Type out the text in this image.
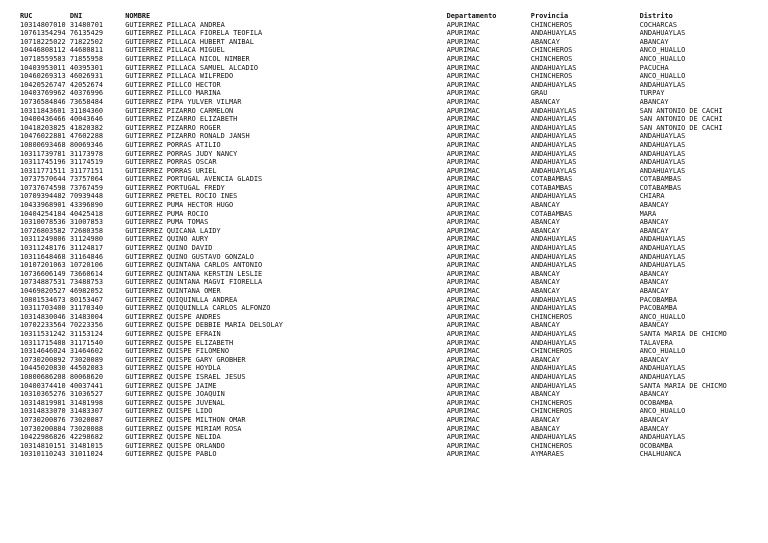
RUC	DNI	NOMBRE	Departamento	Provincia	Distrito
10314807010	31480701	GUTIERREZ PILLACA ANDREA	APURIMAC	CHINCHEROS	COCHARCAS
10761354294	76135429	GUTIERREZ PILLACA FIORELA TEOFILA	APURIMAC	ANDAHUAYLAS	ANDAHUAYLAS
10718225022	71822502	GUTIERREZ PILLACA HUBERT ANIBAL	APURIMAC	ABANCAY	ABANCAY
10446808112	44680811	GUTIERREZ PILLACA MIGUEL	APURIMAC	CHINCHEROS	ANCO_HUALLO
10718559583	71855958	GUTIERREZ PILLACA NICOL NIMBER	APURIMAC	CHINCHEROS	ANCO_HUALLO
10403953011	40395301	GUTIERREZ PILLACA SAMUEL ALCADIO	APURIMAC	ANDAHUAYLAS	PACUCHA
10460269313	46026931	GUTIERREZ PILLACA WILFREDO	APURIMAC	CHINCHEROS	ANCO_HUALLO
10420526747	42052674	GUTIERREZ PILLCO HECTOR	APURIMAC	ANDAHUAYLAS	ANDAHUAYLAS
10403769962	40376996	GUTIERREZ PILLCO MARINA	APURIMAC	GRAU	TURPAY
10736584846	73658484	GUTIERREZ PIPA YULVER VILMAR	APURIMAC	ABANCAY	ABANCAY
10311843601	31184360	GUTIERREZ PIZARRO CARMELON	APURIMAC	ANDAHUAYLAS	SAN ANTONIO DE CACHI
10400436466	40043646	GUTIERREZ PIZARRO ELIZABETH	APURIMAC	ANDAHUAYLAS	SAN ANTONIO DE CACHI
10418203825	41820382	GUTIERREZ PIZARRO ROGER	APURIMAC	ANDAHUAYLAS	SAN ANTONIO DE CACHI
10476022881	47602288	GUTIERREZ PIZARRO RONALD JANSH	APURIMAC	ANDAHUAYLAS	ANDAHUAYLAS
10800693468	80069346	GUTIERREZ PORRAS ATILIO	APURIMAC	ANDAHUAYLAS	ANDAHUAYLAS
10311739781	31173978	GUTIERREZ PORRAS JUDY NANCY	APURIMAC	ANDAHUAYLAS	ANDAHUAYLAS
10311745196	31174519	GUTIERREZ PORRAS OSCAR	APURIMAC	ANDAHUAYLAS	ANDAHUAYLAS
10311771511	31177151	GUTIERREZ PORRAS URIEL	APURIMAC	ANDAHUAYLAS	ANDAHUAYLAS
10737570644	73757064	GUTIERREZ PORTUGAL AVENCIA GLADIS	APURIMAC	COTABAMBAS	COTABAMBAS
10737674598	73767459	GUTIERREZ PORTUGAL FREDY	APURIMAC	COTABAMBAS	COTABAMBAS
10709394482	70939448	GUTIERREZ PRETEL ROCIO INES	APURIMAC	ANDAHUAYLAS	CHIARA
10433968901	43396890	GUTIERREZ PUMA HECTOR HUGO	APURIMAC	ABANCAY	ABANCAY
10404254184	40425418	GUTIERREZ PUMA ROCIO	APURIMAC	COTABAMBAS	MARA
10310078536	31007853	GUTIERREZ PUMA TOMAS	APURIMAC	ABANCAY	ABANCAY
10726803582	72680358	GUTIERREZ QUICAÑA LAIDY	APURIMAC	ABANCAY	ABANCAY
10311249806	31124980	GUTIERREZ QUINO AURY	APURIMAC	ANDAHUAYLAS	ANDAHUAYLAS
10311248176	31124817	GUTIERREZ QUINO DAVID	APURIMAC	ANDAHUAYLAS	ANDAHUAYLAS
10311648468	31164846	GUTIERREZ QUINO GUSTAVO GONZALO	APURIMAC	ANDAHUAYLAS	ANDAHUAYLAS
10107201063	10720106	GUTIERREZ QUINTANA CARLOS ANTONIO	APURIMAC	ANDAHUAYLAS	ANDAHUAYLAS
10736606149	73660614	GUTIERREZ QUINTANA KERSTIN LESLIE	APURIMAC	ABANCAY	ABANCAY
10734887531	73488753	GUTIERREZ QUINTANA MAGVI FIORELLA	APURIMAC	ABANCAY	ABANCAY
10469820527	46982052	GUTIERREZ QUINTANA OMER	APURIMAC	ABANCAY	ABANCAY
10801534673	80153467	GUTIERREZ QUIQUINLLA ANDREA	APURIMAC	ANDAHUAYLAS	PACOBAMBA
10311703400	31170340	GUTIERREZ QUIQUINLLA CARLOS ALFONZO	APURIMAC	ANDAHUAYLAS	PACOBAMBA
10314830046	31483004	GUTIERREZ QUISPE ANDRES	APURIMAC	CHINCHEROS	ANCO_HUALLO
10702233564	70223356	GUTIERREZ QUISPE DEBBIE MARIA DELSOLAY	APURIMAC	ABANCAY	ABANCAY
10311531242	31153124	GUTIERREZ QUISPE EFRAIN	APURIMAC	ANDAHUAYLAS	SANTA MARIA DE CHICMO
10311715408	31171540	GUTIERREZ QUISPE ELIZABETH	APURIMAC	ANDAHUAYLAS	TALAVERA
10314646024	31464602	GUTIERREZ QUISPE FILOMENO	APURIMAC	CHINCHEROS	ANCO_HUALLO
10730200892	73020089	GUTIERREZ QUISPE GARY GROBHER	APURIMAC	ABANCAY	ABANCAY
10445020830	44502083	GUTIERREZ QUISPE HOYDLA	APURIMAC	ANDAHUAYLAS	ANDAHUAYLAS
10800686208	80068620	GUTIERREZ QUISPE ISRAEL JESUS	APURIMAC	ANDAHUAYLAS	ANDAHUAYLAS
10400374410	40037441	GUTIERREZ QUISPE JAIME	APURIMAC	ANDAHUAYLAS	SANTA MARIA DE CHICMO
10310365276	31036527	GUTIERREZ QUISPE JOAQUIN	APURIMAC	ABANCAY	ABANCAY
10314819981	31481998	GUTIERREZ QUISPE JUVENAL	APURIMAC	CHINCHEROS	OCOBAMBA
10314833070	31483307	GUTIERREZ QUISPE LIDO	APURIMAC	CHINCHEROS	ANCO_HUALLO
10730200876	73020087	GUTIERREZ QUISPE MILTHON OMAR	APURIMAC	ABANCAY	ABANCAY
10730200884	73020088	GUTIERREZ QUISPE MIRIAM ROSA	APURIMAC	ABANCAY	ABANCAY
10422986826	42298682	GUTIERREZ QUISPE NELIDA	APURIMAC	ANDAHUAYLAS	ANDAHUAYLAS
10314810151	31481015	GUTIERREZ QUISPE ORLANDO	APURIMAC	CHINCHEROS	OCOBAMBA
10310110243	31011024	GUTIERREZ QUISPE PABLO	APURIMAC	AYMARAES	CHALHUANCA
